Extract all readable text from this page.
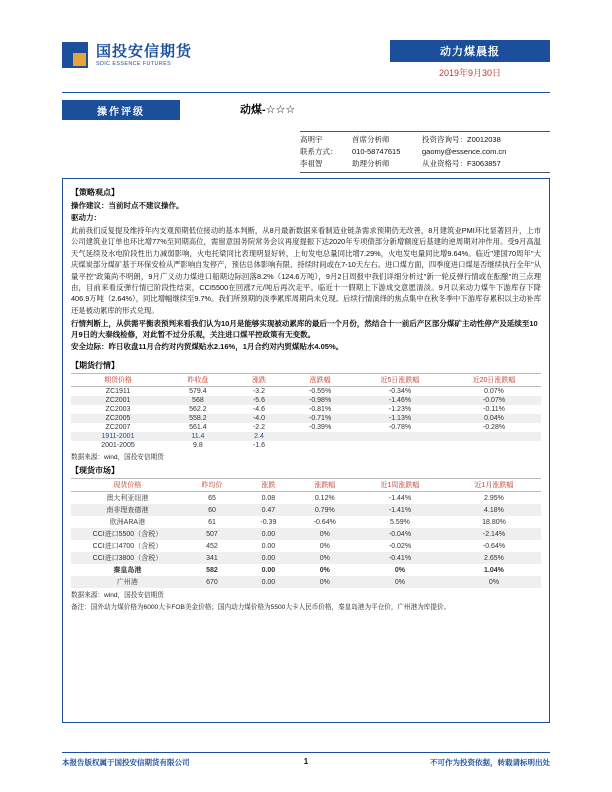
国投安信期货
SDIC ESSENCE FUTURES
动力煤晨报
2019年9月30日
操作评级	动煤-☆☆☆
高明宇	首席分析师	投资咨询号：Z0012038
联系方式：	010-58747615	gaomy@essence.com.cn
李祖智	助理分析师	从业资格号：F3063857
【策略观点】
操作建议：当前时点不建议操作。
驱动力：

此前我们反复提及维持年内支观预期低位接动的基本判断，从8月最新数据来看制造业链条需求预期仍无改善，8月建筑业PMI环比显著回升，上市公司建筑业订单也环比增77%至同期高位，需留意国务院常务会议再度提振下达2020年专项债部分新增额度后基建的逆周期对冲作用。受9月高温天气延续及水电阶段性出力减弱影响，火电托梁同比表现明显好转，上旬发电总量同比增7.29%，火电发电量同比增9.64%。临近"建国70周年"大庆煤炭部分煤矿基于环保安检从严影响自发停产，预估总体影响有限、持续时间或在7-10天左右。进口煤方面，四季度进口煤是否继续执行全年"从量平控"政策尚不明朗，9月广义动力煤进口船期边际回落8.2%（124.6万吨），9月2日周报中我们详细分析过"新一轮反弹行情或在酝酿"的三点理由，目前来看反弹行情已阶段性结束，CCI5500在回涨7元/吨后再次走平。临近十一假期上下游成交意愿清淡。9月以来动力煤牛下游库存下降406.9万吨（2.64%），同比增幅继续至9.7%。我们所预期的淡季累库周期尚未兑现。后续行情演绎的焦点集中在秋冬季中下游库存累积以主动补库还是被动累库的形式兑现。

行情判断上，从供需平衡表预判来看我们认为10月是能够实现被动累库的最后一个月份，然结合十一前后产区部分煤矿主动性停产及延续至10月9日的大秦线检修，对此暂不过分乐观，关注进口煤平控政策有无变数。
安全边际：昨日收盘11月合约对内贸煤贴水2.16%，1月合约对内贸煤贴水4.05%。
【期货行情】
期货价格	昨收盘	涨跌	涨跌幅	近5日涨跌幅	近20日涨跌幅
ZC1911	579.4	-3.2	-0.55%	-0.34%	0.07%
ZC2001	568	-5.6	-0.98%	-1.46%	-0.07%
ZC2003	562.2	-4.6	-0.81%	-1.23%	-0.11%
ZC2005	558.2	-4.0	-0.71%	-1.13%	0.04%
ZC2007	561.4	-2.2	-0.39%	-0.78%	-0.28%
1911-2001	11.4	2.4			
2001-2005	9.8	-1.6			
数据来源：wind，国投安信期货
【现货市场】
现货价格	昨均价	涨跌	涨跌幅	近1周涨跌幅	近1月涨跌幅
澳大利亚纽港	65	0.08	0.12%	-1.44%	2.95%
南非理查德港	60	0.47	0.79%	-1.41%	4.18%
欧洲ARA港	61	-0.39	-0.64%	5.59%	18.80%
CCI进口5500（含税）	507	0.00	0%	-0.04%	-2.14%
CCI进口4700（含税）	452	0.00	0%	-0.02%	-0.64%
CCI进口3800（含税）	341	0.00	0%	-0.41%	2.65%
秦皇岛港	582	0.00	0%	0%	1.04%
广州港	670	0.00	0%	0%	0%
数据来源：wind，国投安信期货
备注：国外动力煤价格为6000大卡FOB美金价格；国内动力煤价格为5500大卡人民币价格，秦皇岛港为平仓价，广州港为库提价。
本报告版权属于国投安信期货有限公司	1	不可作为投资依据，转载请标明出处
